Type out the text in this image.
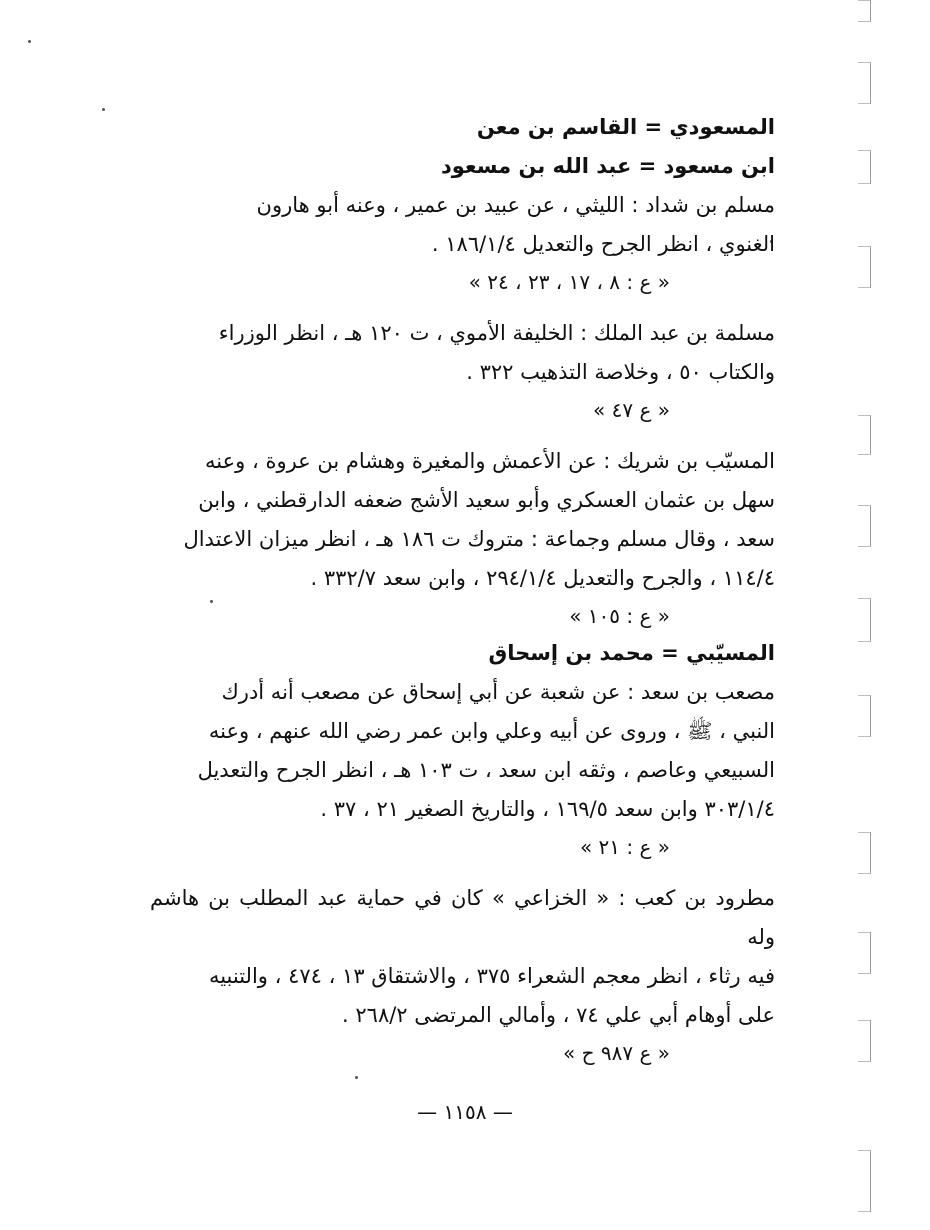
المسعودي = القاسم بن معن

ابن مسعود = عبد الله بن مسعود

مسلم بن شداد : الليثي ، عن عبيد بن عمير ، وعنه أبو هارون
الغنوي ، انظر الجرح والتعديل ١٨٦/١/٤ .
« ع : ٨ ، ١٧ ، ٢٣ ، ٢٤ »
مسلمة بن عبد الملك : الخليفة الأموي ، ت ١٢٠ هـ ، انظر الوزراء
والكتاب ٥٠ ، وخلاصة التذهيب ٣٢٢ .
« ع ٤٧ »
المسيّب بن شريك : عن الأعمش والمغيرة وهشام بن عروة ، وعنه
سهل بن عثمان العسكري وأبو سعيد الأشج ضعفه الدارقطني ، وابن
سعد ، وقال مسلم وجماعة : متروك ت ١٨٦ هـ ، انظر ميزان الاعتدال
١١٤/٤ ، والجرح والتعديل ٢٩٤/١/٤ ، وابن سعد ٣٣٢/٧ .
« ع : ١٠٥ »
المسيّبي = محمد بن إسحاق
مصعب بن سعد : عن شعبة عن أبي إسحاق عن مصعب أنه أدرك
النبي ، ﷺ ، وروى عن أبيه وعلي وابن عمر رضي الله عنهم ، وعنه
السبيعي وعاصم ، وثقه ابن سعد ، ت ١٠٣ هـ ، انظر الجرح والتعديل
٣٠٣/١/٤ وابن سعد ١٦٩/٥ ، والتاريخ الصغير ٢١ ، ٣٧ .
« ع : ٢١ »
مطرود بن كعب : « الخزاعي » كان في حماية عبد المطلب بن هاشم وله
فيه رثاء ، انظر معجم الشعراء ٣٧٥ ، والاشتقاق ١٣ ، ٤٧٤ ، والتنبيه
على أوهام أبي علي ٧٤ ، وأمالي المرتضى ٢٦٨/٢ .
« ع ٩٨٧ ح »
— ١١٥٨ —
